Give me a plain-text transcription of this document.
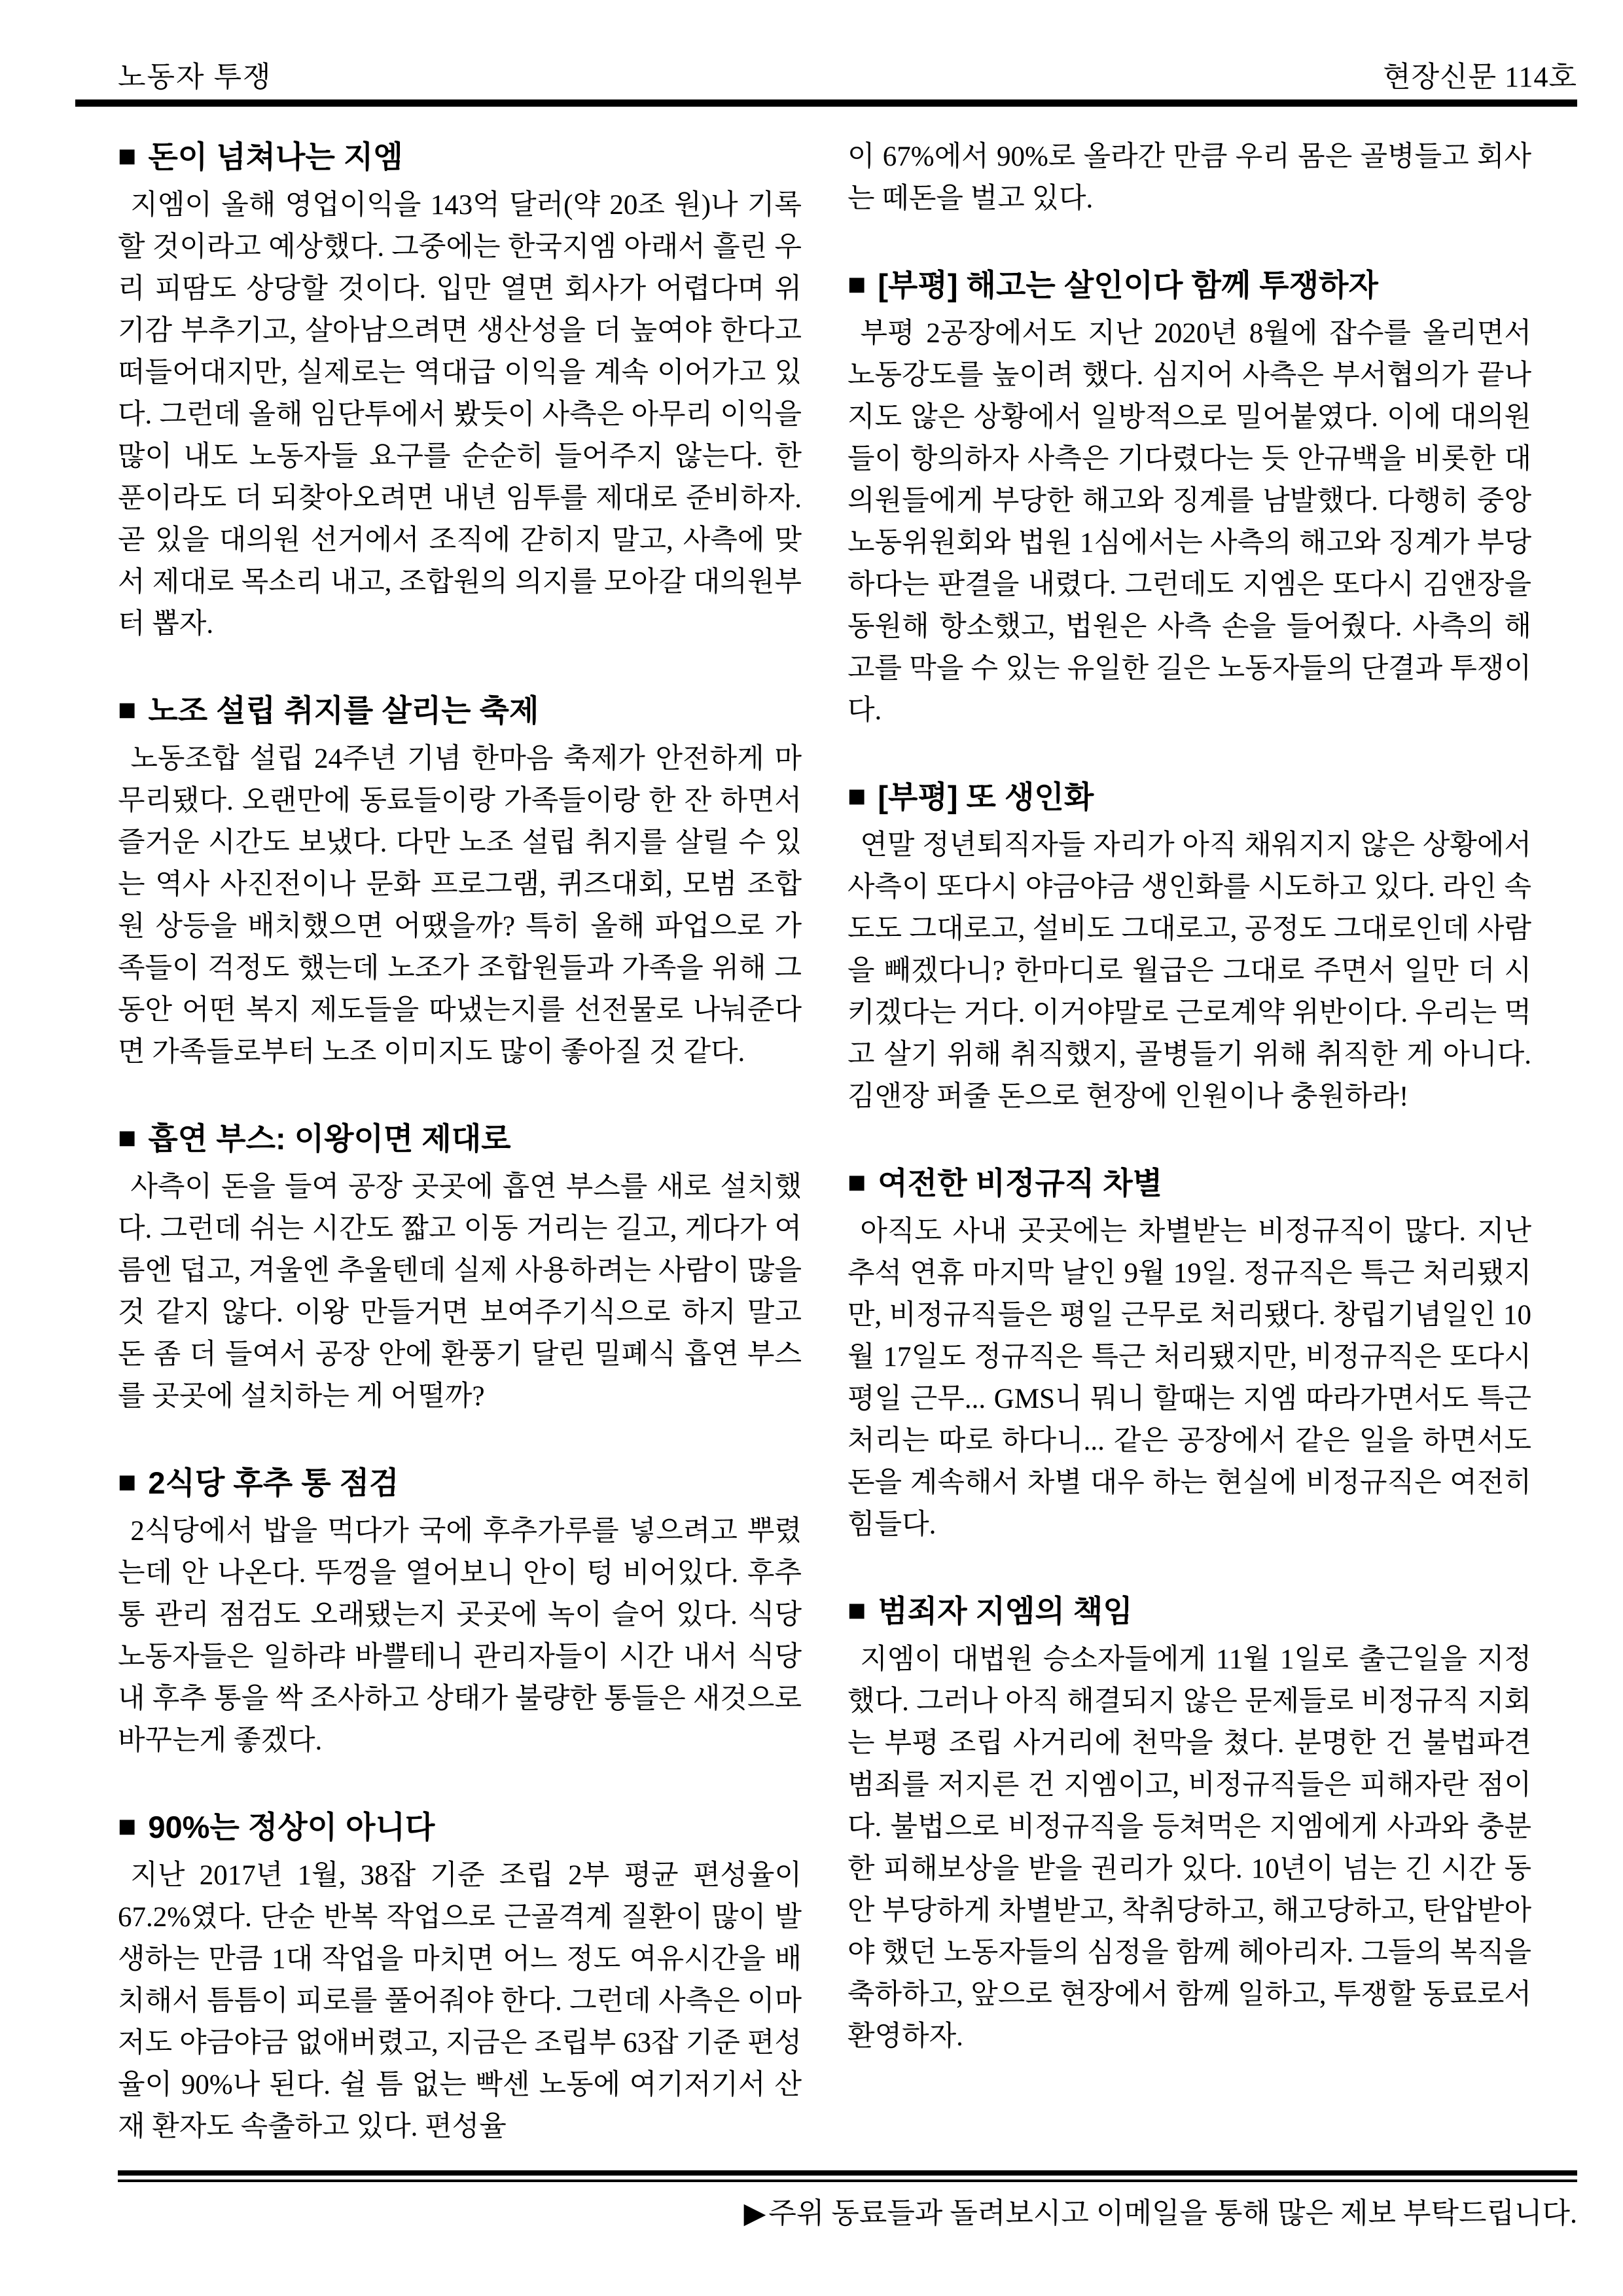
노동자 투쟁	현장신문 114호
■ 돈이 넘쳐나는 지엠

지엠이 올해 영업이익을 143억 달러(약 20조 원)나 기록할 것이라고 예상했다. 그중에는 한국지엠 아래서 흘린 우리 피땀도 상당할 것이다. 입만 열면 회사가 어렵다며 위기감 부추기고, 살아남으려면 생산성을 더 높여야 한다고 떠들어대지만, 실제로는 역대급 이익을 계속 이어가고 있다. 그런데 올해 임단투에서 봤듯이 사측은 아무리 이익을 많이 내도 노동자들 요구를 순순히 들어주지 않는다. 한 푼이라도 더 되찾아오려면 내년 임투를 제대로 준비하자. 곧 있을 대의원 선거에서 조직에 갇히지 말고, 사측에 맞서 제대로 목소리 내고, 조합원의 의지를 모아갈 대의원부터 뽑자.

■ 노조 설립 취지를 살리는 축제

노동조합 설립 24주년 기념 한마음 축제가 안전하게 마무리됐다. 오랜만에 동료들이랑 가족들이랑 한 잔 하면서 즐거운 시간도 보냈다. 다만 노조 설립 취지를 살릴 수 있는 역사 사진전이나 문화 프로그램, 퀴즈대회, 모범 조합원 상등을 배치했으면 어땠을까? 특히 올해 파업으로 가족들이 걱정도 했는데 노조가 조합원들과 가족을 위해 그동안 어떤 복지 제도들을 따냈는지를 선전물로 나눠준다면 가족들로부터 노조 이미지도 많이 좋아질 것 같다.

■ 흡연 부스: 이왕이면 제대로

사측이 돈을 들여 공장 곳곳에 흡연 부스를 새로 설치했다. 그런데 쉬는 시간도 짧고 이동 거리는 길고, 게다가 여름엔 덥고, 겨울엔 추울텐데 실제 사용하려는 사람이 많을 것 같지 않다. 이왕 만들거면 보여주기식으로 하지 말고 돈 좀 더 들여서 공장 안에 환풍기 달린 밀폐식 흡연 부스를 곳곳에 설치하는 게 어떨까?

■ 2식당 후추 통 점검

2식당에서 밥을 먹다가 국에 후추가루를 넣으려고 뿌렸는데 안 나온다. 뚜껑을 열어보니 안이 텅 비어있다. 후추 통 관리 점검도 오래됐는지 곳곳에 녹이 슬어 있다. 식당 노동자들은 일하랴 바쁠테니 관리자들이 시간 내서 식당내 후추 통을 싹 조사하고 상태가 불량한 통들은 새것으로 바꾸는게 좋겠다.

■ 90%는 정상이 아니다

지난 2017년 1월, 38잡 기준 조립 2부 평균 편성율이 67.2%였다. 단순 반복 작업으로 근골격계 질환이 많이 발생하는 만큼 1대 작업을 마치면 어느 정도 여유시간을 배치해서 틈틈이 피로를 풀어줘야 한다. 그런데 사측은 이마저도 야금야금 없애버렸고, 지금은 조립부 63잡 기준 편성율이 90%나 된다. 쉴 틈 없는 빡센 노동에 여기저기서 산재 환자도 속출하고 있다. 편성율

이 67%에서 90%로 올라간 만큼 우리 몸은 골병들고 회사는 떼돈을 벌고 있다.

■ [부평] 해고는 살인이다 함께 투쟁하자

부평 2공장에서도 지난 2020년 8월에 잡수를 올리면서 노동강도를 높이려 했다. 심지어 사측은 부서협의가 끝나지도 않은 상황에서 일방적으로 밀어붙였다. 이에 대의원들이 항의하자 사측은 기다렸다는 듯 안규백을 비롯한 대의원들에게 부당한 해고와 징계를 남발했다. 다행히 중앙노동위원회와 법원 1심에서는 사측의 해고와 징계가 부당하다는 판결을 내렸다. 그런데도 지엠은 또다시 김앤장을 동원해 항소했고, 법원은 사측 손을 들어줬다. 사측의 해고를 막을 수 있는 유일한 길은 노동자들의 단결과 투쟁이다.

■ [부평] 또 생인화

연말 정년퇴직자들 자리가 아직 채워지지 않은 상황에서 사측이 또다시 야금야금 생인화를 시도하고 있다. 라인 속도도 그대로고, 설비도 그대로고, 공정도 그대로인데 사람을 빼겠다니? 한마디로 월급은 그대로 주면서 일만 더 시키겠다는 거다. 이거야말로 근로계약 위반이다. 우리는 먹고 살기 위해 취직했지, 골병들기 위해 취직한 게 아니다. 김앤장 퍼줄 돈으로 현장에 인원이나 충원하라!

■ 여전한 비정규직 차별

아직도 사내 곳곳에는 차별받는 비정규직이 많다. 지난 추석 연휴 마지막 날인 9월 19일. 정규직은 특근 처리됐지만, 비정규직들은 평일 근무로 처리됐다. 창립기념일인 10월 17일도 정규직은 특근 처리됐지만, 비정규직은 또다시 평일 근무... GMS니 뭐니 할때는 지엠 따라가면서도 특근 처리는 따로 하다니... 같은 공장에서 같은 일을 하면서도 돈을 계속해서 차별 대우 하는 현실에 비정규직은 여전히 힘들다.

■ 범죄자 지엠의 책임

지엠이 대법원 승소자들에게 11월 1일로 출근일을 지정했다. 그러나 아직 해결되지 않은 문제들로 비정규직 지회는 부평 조립 사거리에 천막을 쳤다. 분명한 건 불법파견 범죄를 저지른 건 지엠이고, 비정규직들은 피해자란 점이다. 불법으로 비정규직을 등쳐먹은 지엠에게 사과와 충분한 피해보상을 받을 권리가 있다. 10년이 넘는 긴 시간 동안 부당하게 차별받고, 착취당하고, 해고당하고, 탄압받아야 했던 노동자들의 심정을 함께 헤아리자. 그들의 복직을 축하하고, 앞으로 현장에서 함께 일하고, 투쟁할 동료로서 환영하자.

▶주위 동료들과 돌려보시고 이메일을 통해 많은 제보 부탁드립니다.
